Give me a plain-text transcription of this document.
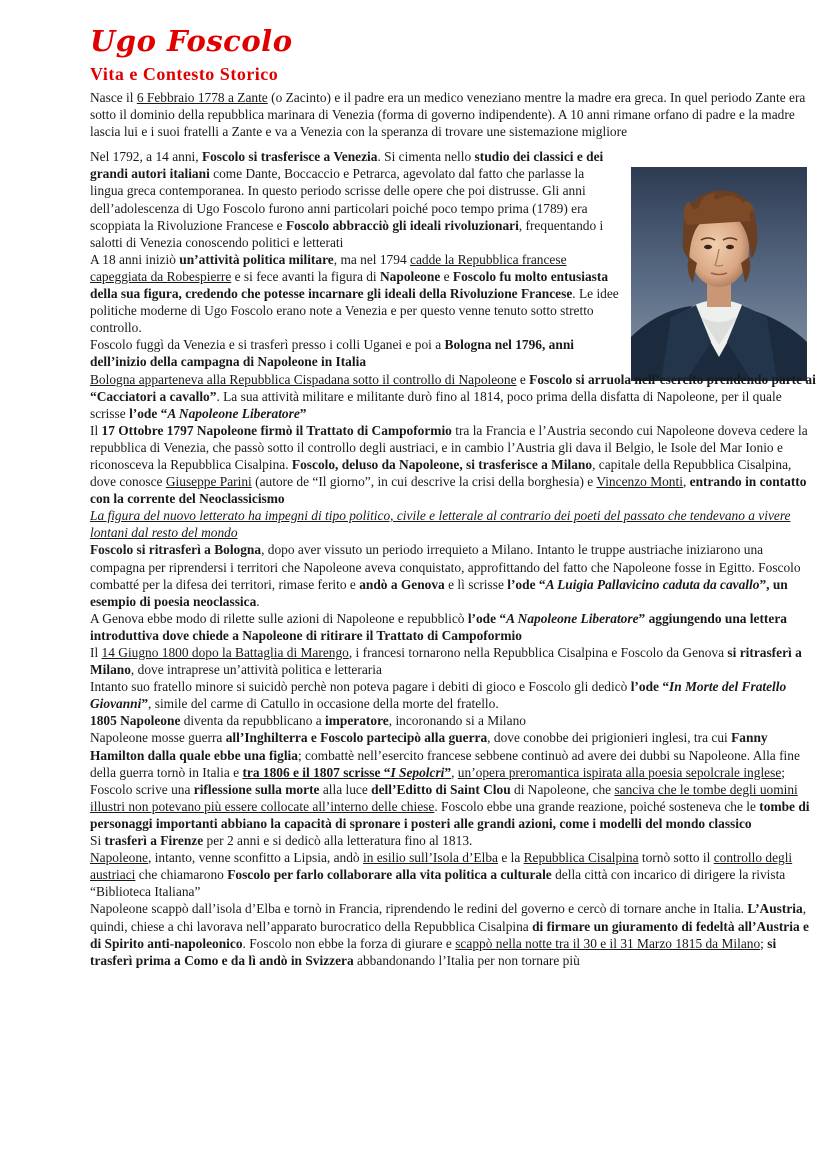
Ugo Foscolo
Vita e Contesto Storico

Nasce il 6 Febbraio 1778 a Zante (o Zacinto) e il padre era un medico veneziano mentre la madre era greca. In quel periodo Zante era sotto il dominio della repubblica marinara di Venezia (forma di governo indipendente). A 10 anni rimane orfano di padre e la madre lascia lui e i suoi fratelli a Zante e va a Venezia con la speranza di trovare une sistemazione migliore

Nel 1792, a 14 anni, Foscolo si trasferisce a Venezia. Si cimenta nello studio dei classici e dei grandi autori italiani come Dante, Boccaccio e Petrarca, agevolato dal fatto che parlasse la lingua greca contemporanea. In questo periodo scrisse delle opere che poi distrusse. Gli anni dell’adolescenza di Ugo Foscolo furono anni particolari poiché poco tempo prima (1789) era scoppiata la Rivoluzione Francese e Foscolo abbracciò gli ideali rivoluzionari, frequentando i salotti di Venezia conoscendo politici e letterati

A 18 anni iniziò un’attività politica militare, ma nel 1794 cadde la Repubblica francese capeggiata da Robespierre e si fece avanti la figura di Napoleone e Foscolo fu molto entusiasta della sua figura, credendo che potesse incarnare gli ideali della Rivoluzione Francese. Le idee politiche moderne di Ugo Foscolo erano note a Venezia e per questo venne tenuto sotto stretto controllo.

Foscolo fuggì da Venezia e si trasferì presso i colli Uganei e poi a Bologna nel 1796, anni dell’inizio della campagna di Napoleone in Italia

Bologna apparteneva alla Repubblica Cispadana sotto il controllo di Napoleone e Foscolo si arruola nell’esercito prendendo parte ai “Cacciatori a cavallo”. La sua attività militare e militante durò fino al 1814, poco prima della disfatta di Napoleone, per il quale scrisse l’ode “A Napoleone Liberatore”

Il 17 Ottobre 1797 Napoleone firmò il Trattato di Campoformio tra la Francia e l’Austria secondo cui Napoleone doveva cedere la repubblica di Venezia, che passò sotto il controllo degli austriaci, e in cambio l’Austria gli dava il Belgio, le Isole del Mar Ionio e riconosceva la Repubblica Cisalpina. Foscolo, deluso da Napoleone, si trasferisce a Milano, capitale della Repubblica Cisalpina, dove conosce Giuseppe Parini (autore de “Il giorno”, in cui descrive la crisi della borghesia) e Vincenzo Monti, entrando in contatto con la corrente del Neoclassicismo

La figura del nuovo letterato ha impegni di tipo politico, civile e letterale al contrario dei poeti del passato che tendevano a vivere lontani dal resto del mondo

Foscolo si ritrasferì a Bologna, dopo aver vissuto un periodo irrequieto a Milano. Intanto le truppe austriache iniziarono una compagna per riprendersi i territori che Napoleone aveva conquistato, approfittando del fatto che Napoleone fosse in Egitto. Foscolo combatté per la difesa dei territori, rimase ferito e andò a Genova e lì scrisse l’ode “A Luigia Pallavicino caduta da cavallo”, un esempio di poesia neoclassica.

A Genova ebbe modo di rilette sulle azioni di Napoleone e repubblicò l’ode “A Napoleone Liberatore” aggiungendo una lettera introduttiva dove chiede a Napoleone di ritirare il Trattato di Campoformio

Il 14 Giugno 1800 dopo la Battaglia di Marengo, i francesi tornarono nella Repubblica Cisalpina e Foscolo da Genova si ritrasferì a Milano, dove intraprese un’attività politica e letteraria

Intanto suo fratello minore si suicidò perchè non poteva pagare i debiti di gioco e Foscolo gli dedicò l’ode “In Morte del Fratello Giovanni”, simile del carme di Catullo in occasione della morte del fratello.

1805 Napoleone diventa da repubblicano a imperatore, incoronando si a Milano

Napoleone mosse guerra all’Inghilterra e Foscolo partecipò alla guerra, dove conobbe dei prigionieri inglesi, tra cui Fanny Hamilton dalla quale ebbe una figlia; combattè nell’esercito francese sebbene continuò ad avere dei dubbi su Napoleone. Alla fine della guerra tornò in Italia e tra 1806 e il 1807 scrisse “I Sepolcri”, un’opera preromantica ispirata alla poesia sepolcrale inglese; Foscolo scrive una riflessione sulla morte alla luce dell’Editto di Saint Clou di Napoleone, che sanciva che le tombe degli uomini illustri non potevano più essere collocate all’interno delle chiese. Foscolo ebbe una grande reazione, poiché sosteneva che le tombe di personaggi importanti abbiano la capacità di spronare i posteri alle grandi azioni, come i modelli del mondo classico

Si trasferì a Firenze per 2 anni e si dedicò alla letteratura fino al 1813.

Napoleone, intanto, venne sconfitto a Lipsia, andò in esilio sull’Isola d’Elba e la Repubblica Cisalpina tornò sotto il controllo degli austriaci che chiamarono Foscolo per farlo collaborare alla vita politica a culturale della città con incarico di dirigere la rivista “Biblioteca Italiana”

Napoleone scappò dall’isola d’Elba e tornò in Francia, riprendendo le redini del governo e cercò di tornare anche in Italia. L’Austria, quindi, chiese a chi lavorava nell’apparato burocratico della Repubblica Cisalpina di firmare un giuramento di fedeltà all’Austria e di Spirito anti-napoleonico. Foscolo non ebbe la forza di giurare e scappò nella notte tra il 30 e il 31 Marzo 1815 da Milano; si trasferì prima a Como e da lì andò in Svizzera abbandonando l’Italia per non tornare più
